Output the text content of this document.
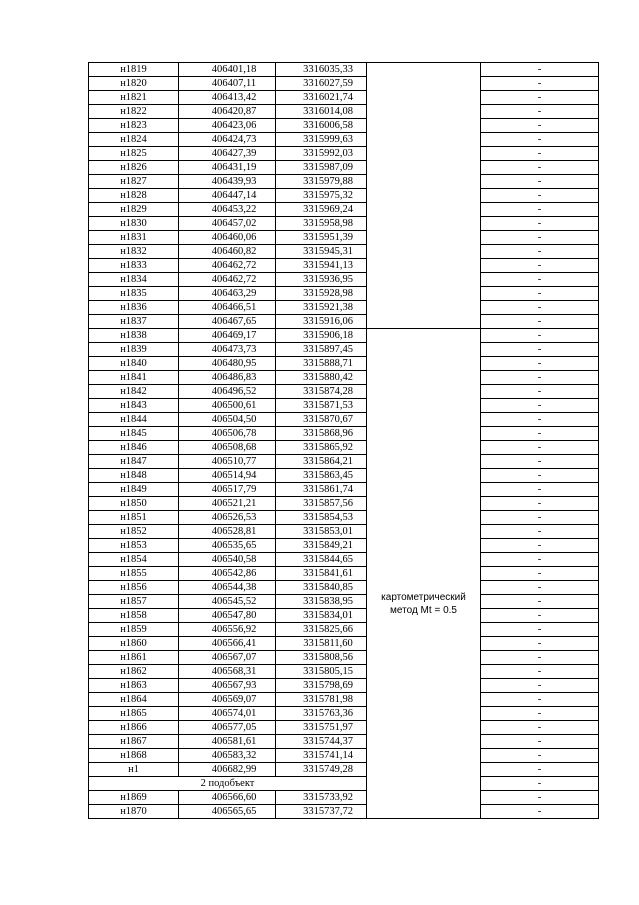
н1819	406401,18	3316035,33		-
н1820	406407,11	3316027,59		-
н1821	406413,42	3316021,74		-
н1822	406420,87	3316014,08		-
н1823	406423,06	3316006,58		-
н1824	406424,73	3315999,63		-
н1825	406427,39	3315992,03		-
н1826	406431,19	3315987,09		-
н1827	406439,93	3315979,88		-
н1828	406447,14	3315975,32		-
н1829	406453,22	3315969,24		-
н1830	406457,02	3315958,98		-
н1831	406460,06	3315951,39		-
н1832	406460,82	3315945,31		-
н1833	406462,72	3315941,13		-
н1834	406462,72	3315936,95		-
н1835	406463,29	3315928,98		-
н1836	406466,51	3315921,38		-
н1837	406467,65	3315916,06		-
н1838	406469,17	3315906,18	картометрический метод Mt = 0.5	-
н1839	406473,73	3315897,45		-
н1840	406480,95	3315888,71		-
н1841	406486,83	3315880,42		-
н1842	406496,52	3315874,28		-
н1843	406500,61	3315871,53		-
н1844	406504,50	3315870,67		-
н1845	406506,78	3315868,96		-
н1846	406508,68	3315865,92		-
н1847	406510,77	3315864,21		-
н1848	406514,94	3315863,45		-
н1849	406517,79	3315861,74		-
н1850	406521,21	3315857,56		-
н1851	406526,53	3315854,53		-
н1852	406528,81	3315853,01		-
н1853	406535,65	3315849,21		-
н1854	406540,58	3315844,65		-
н1855	406542,86	3315841,61		-
н1856	406544,38	3315840,85		-
н1857	406545,52	3315838,95		-
н1858	406547,80	3315834,01		-
н1859	406556,92	3315825,66		-
н1860	406566,41	3315811,60		-
н1861	406567,07	3315808,56		-
н1862	406568,31	3315805,15		-
н1863	406567,93	3315798,69		-
н1864	406569,07	3315781,98		-
н1865	406574,01	3315763,36		-
н1866	406577,05	3315751,97		-
н1867	406581,61	3315744,37		-
н1868	406583,32	3315741,14		-
н1	406682,99	3315749,28		-
2 подобъект				-
н1869	406566,60	3315733,92		-
н1870	406565,65	3315737,72		-
